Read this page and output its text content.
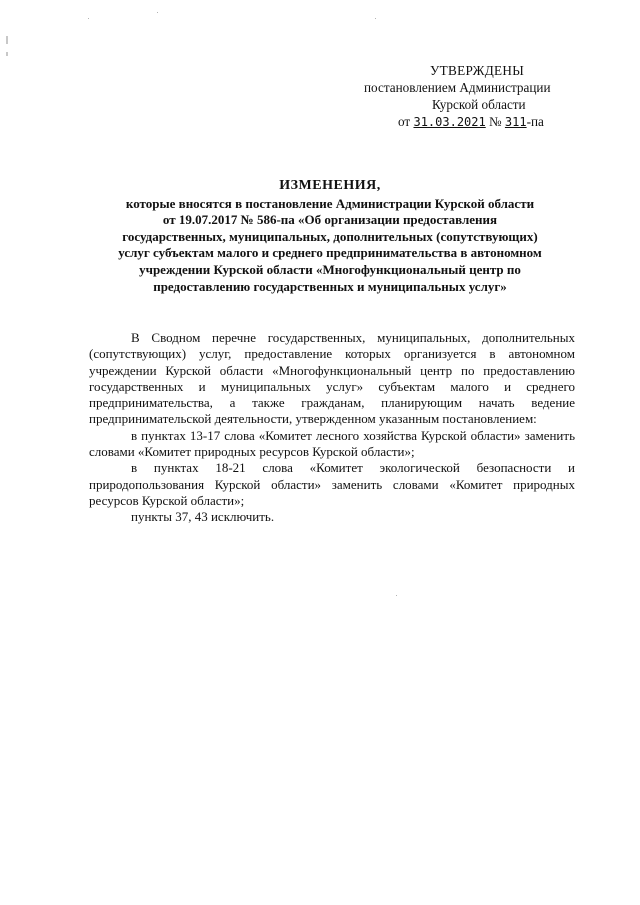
УТВЕРЖДЕНЫ
постановлением Администрации
Курской области
от 31.03.2021 № 311-па
ИЗМЕНЕНИЯ,
которые вносятся в постановление Администрации Курской области
от 19.07.2017 № 586-па «Об организации предоставления
государственных, муниципальных, дополнительных (сопутствующих)
услуг субъектам малого и среднего предпринимательства в автономном
учреждении Курской области «Многофункциональный центр по
предоставлению государственных и муниципальных услуг»

В Сводном перечне государственных, муниципальных, дополнительных (сопутствующих) услуг, предоставление которых организуется в автономном учреждении Курской области «Многофункциональный центр по предоставлению государственных и муниципальных услуг» субъектам малого и среднего предпринимательства, а также гражданам, планирующим начать ведение предпринимательской деятельности, утвержденном указанным постановлением:

в пунктах 13-17 слова «Комитет лесного хозяйства Курской области» заменить словами «Комитет природных ресурсов Курской области»;

в пунктах 18-21 слова «Комитет экологической безопасности и природопользования Курской области» заменить словами «Комитет природных ресурсов Курской области»;

пункты 37, 43 исключить.
